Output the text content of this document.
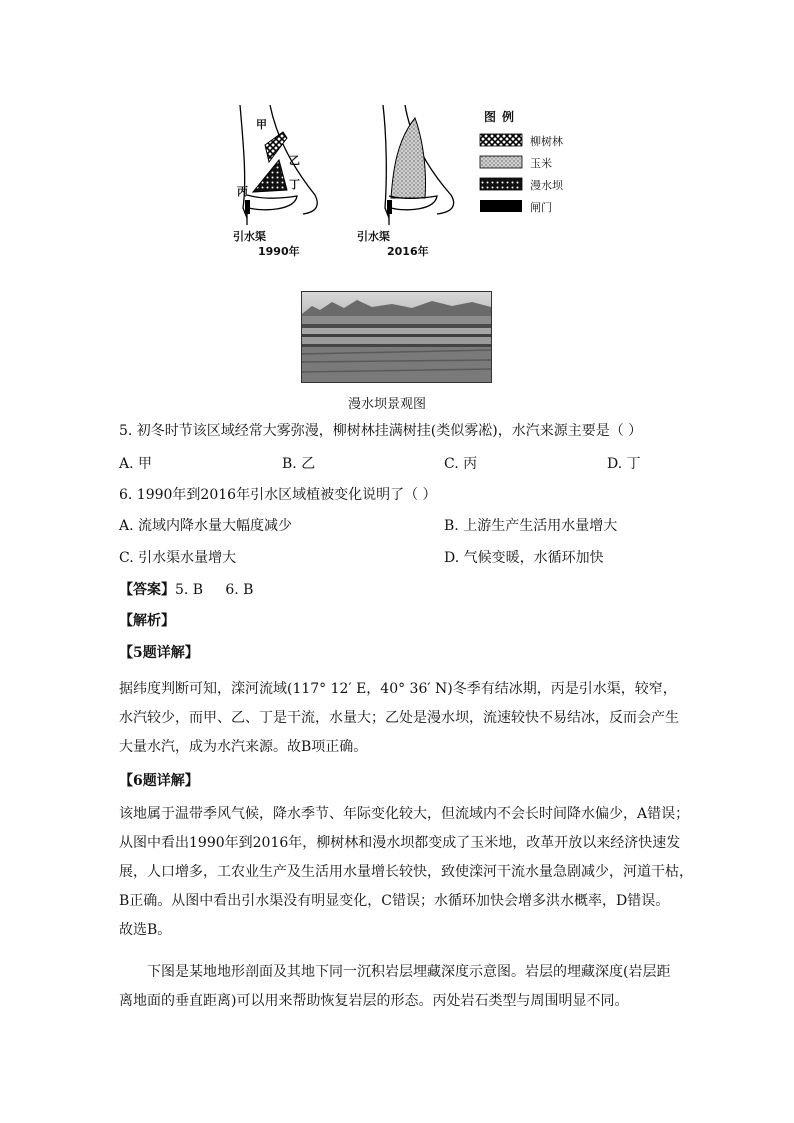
甲
乙
丙
丁
引水渠
1990年
引水渠
2016年
图例
柳树林
玉米
漫水坝
闸门
漫水坝景观图
5. 初冬时节该区域经常大雾弥漫，柳树林挂满树挂(类似雾凇)，水汽来源主要是（ ）
A. 甲	B. 乙	C. 丙	D. 丁
6. 1990年到2016年引水区域植被变化说明了（ ）
A. 流域内降水量大幅度减少	B. 上游生产生活用水量增大
C. 引水渠水量增大	D. 气候变暖，水循环加快
【答案】5. B     6. B
【解析】
【5题详解】
据纬度判断可知，滦河流域(117° 12′ E，40° 36′ N)冬季有结冰期，丙是引水渠，较窄，
水汽较少，而甲、乙、丁是干流，水量大；乙处是漫水坝，流速较快不易结冰，反而会产生
大量水汽，成为水汽来源。故B项正确。
【6题详解】
该地属于温带季风气候，降水季节、年际变化较大，但流域内不会长时间降水偏少，A错误；
从图中看出1990年到2016年，柳树林和漫水坝都变成了玉米地，改革开放以来经济快速发
展，人口增多，工农业生产及生活用水量增长较快，致使滦河干流水量急剧减少，河道干枯，
B正确。从图中看出引水渠没有明显变化，C错误；水循环加快会增多洪水概率，D错误。
故选B。
下图是某地地形剖面及其地下同一沉积岩层埋藏深度示意图。岩层的埋藏深度(岩层距
离地面的垂直距离)可以用来帮助恢复岩层的形态。丙处岩石类型与周围明显不同。
